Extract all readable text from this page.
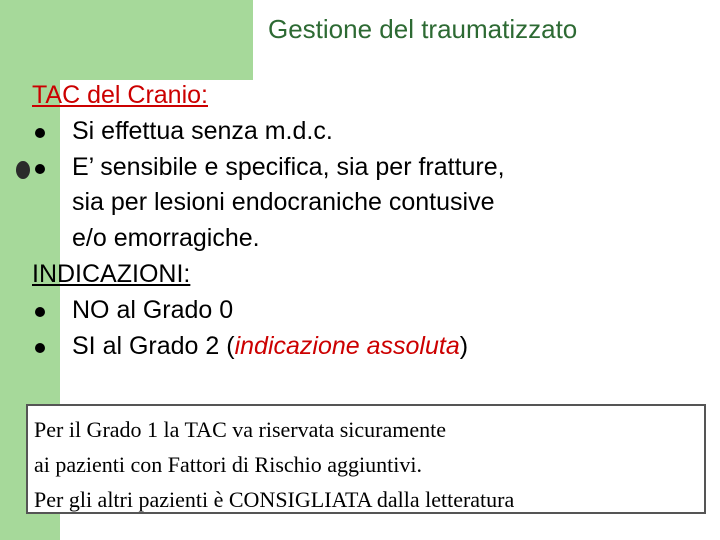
Gestione del traumatizzato
TAC del Cranio:
Si effettua senza m.d.c.
E’ sensibile e specifica, sia per fratture,
sia per lesioni endocraniche contusive
e/o emorragiche.
INDICAZIONI:
NO al Grado 0
SI al Grado 2 (indicazione assoluta)
Per il Grado 1 la TAC va riservata sicuramente
ai pazienti con Fattori di Rischio aggiuntivi.
Per gli altri pazienti è CONSIGLIATA dalla letteratura
